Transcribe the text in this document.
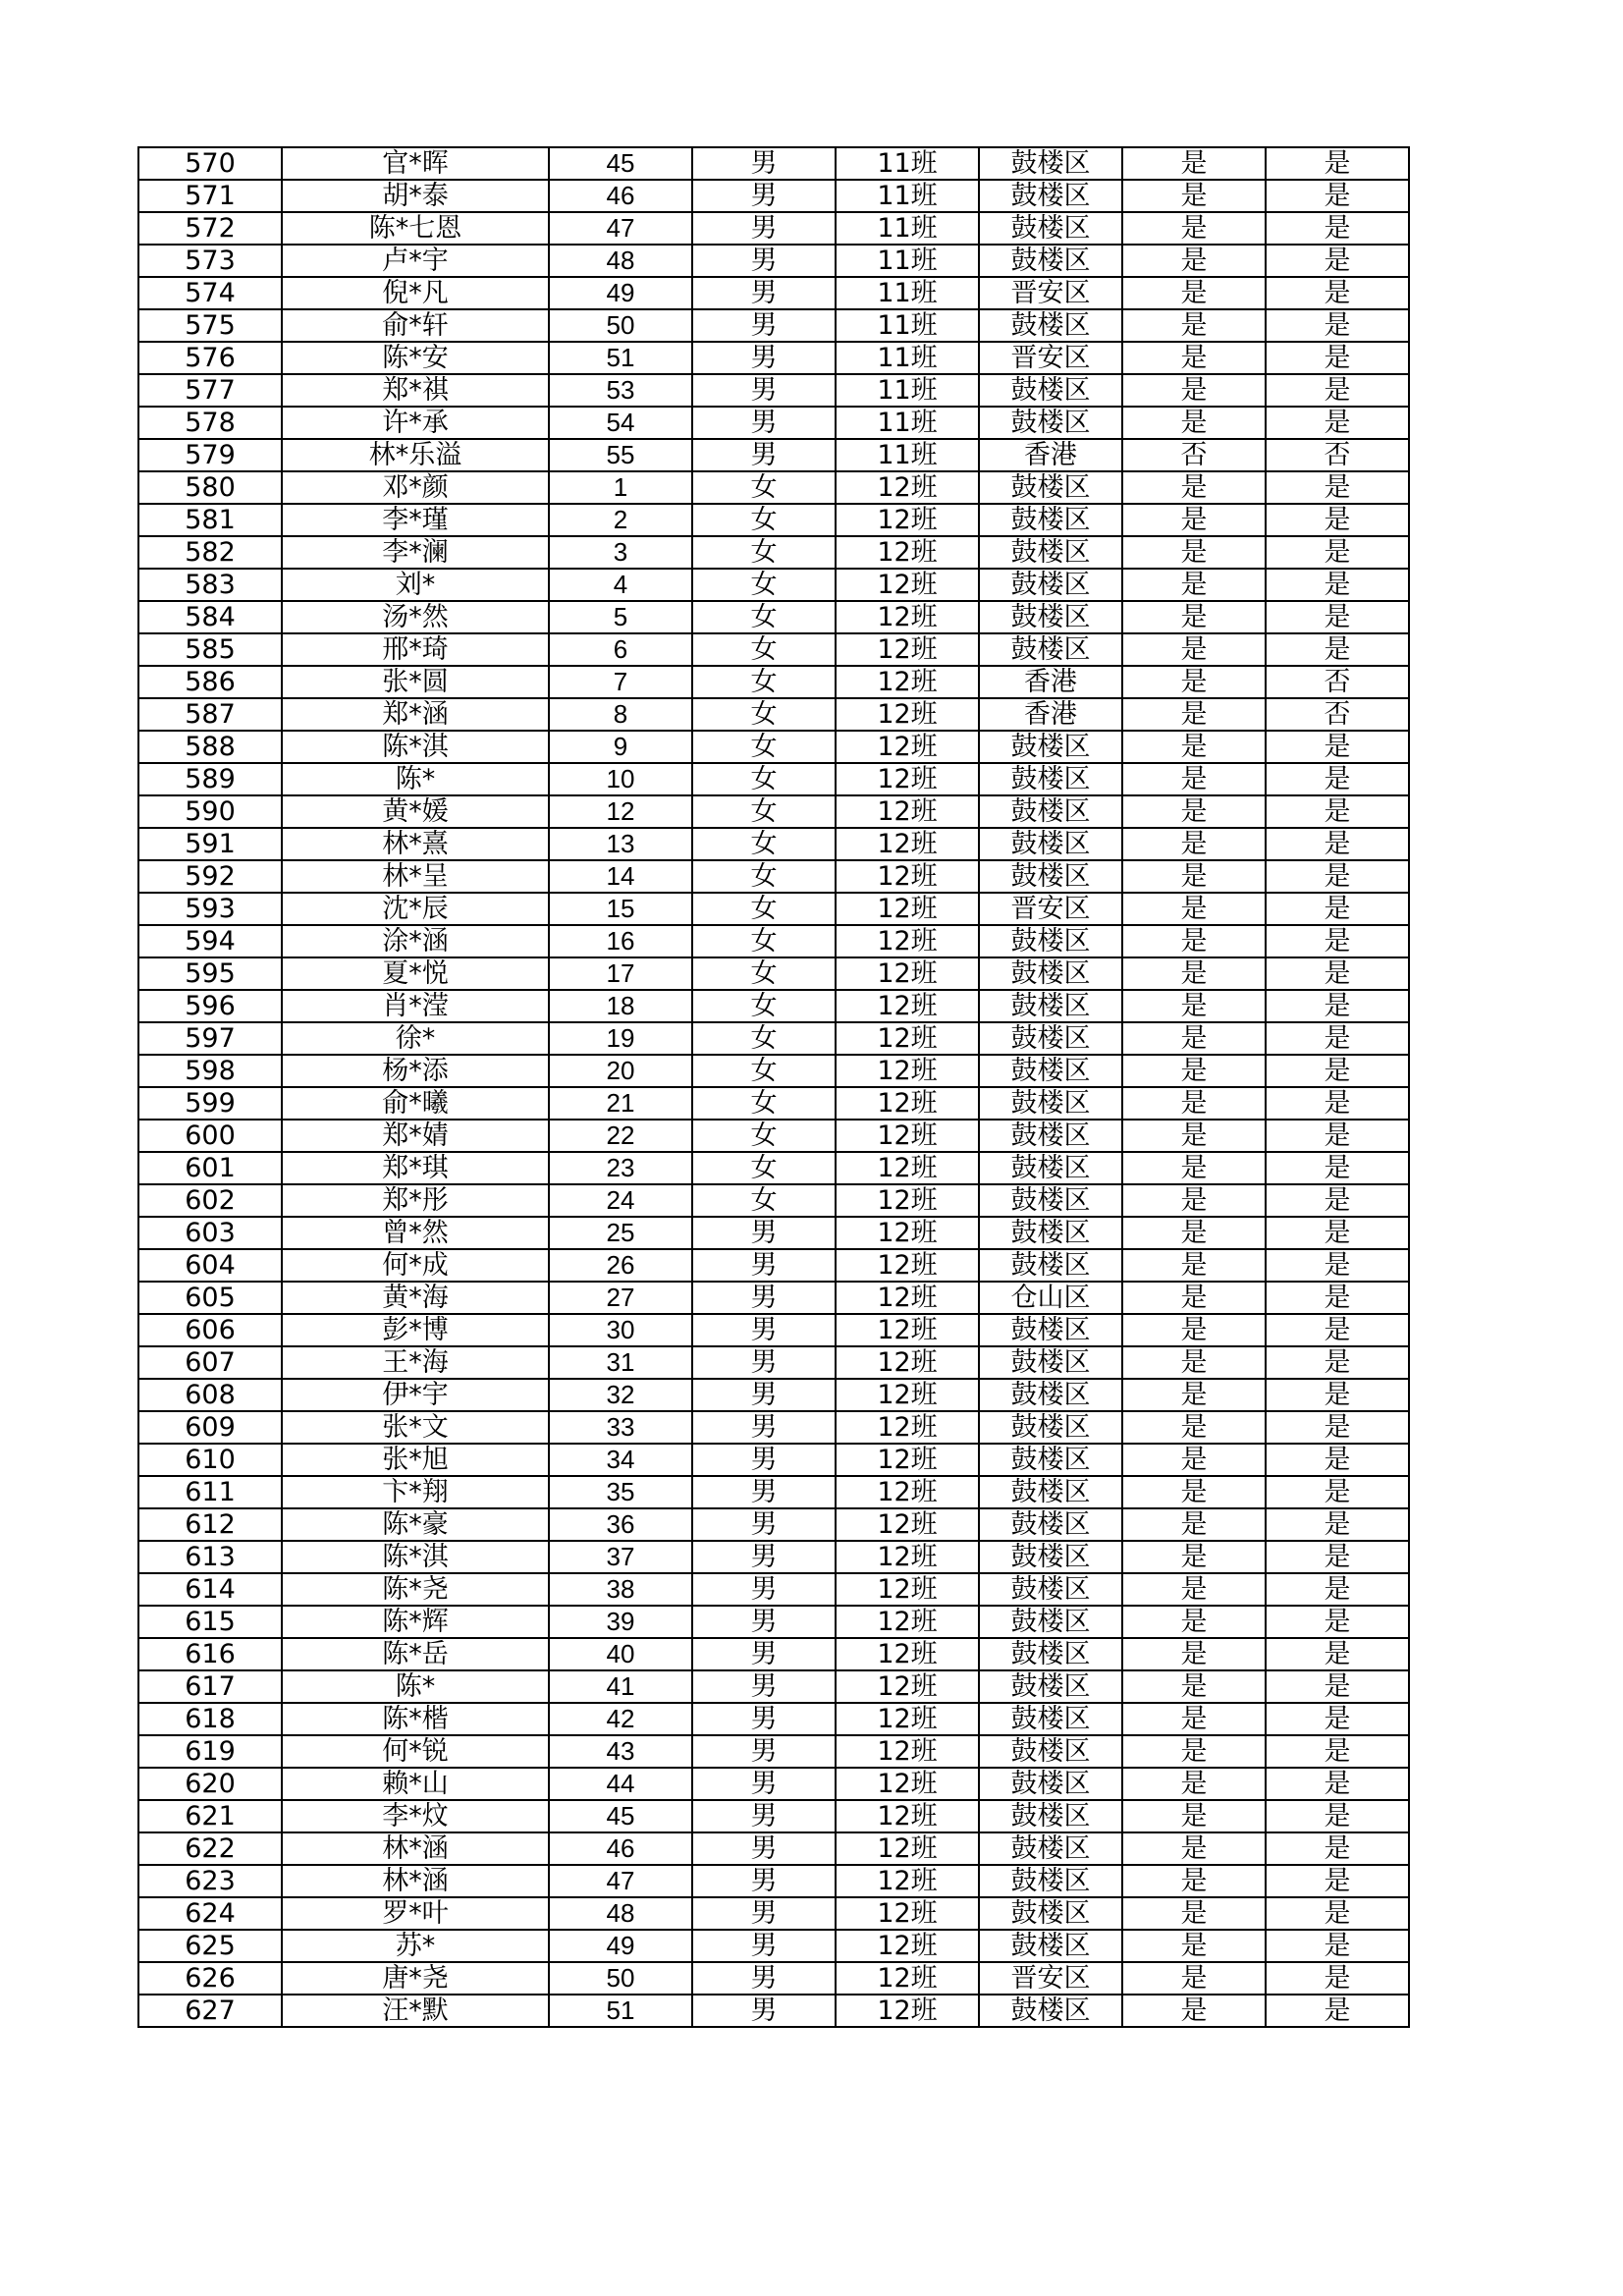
570	官*晖	45	男	11班	鼓楼区	是	是
571	胡*泰	46	男	11班	鼓楼区	是	是
572	陈*七恩	47	男	11班	鼓楼区	是	是
573	卢*宇	48	男	11班	鼓楼区	是	是
574	倪*凡	49	男	11班	晋安区	是	是
575	俞*轩	50	男	11班	鼓楼区	是	是
576	陈*安	51	男	11班	晋安区	是	是
577	郑*祺	53	男	11班	鼓楼区	是	是
578	许*承	54	男	11班	鼓楼区	是	是
579	林*乐溢	55	男	11班	香港	否	否
580	邓*颜	1	女	12班	鼓楼区	是	是
581	李*瑾	2	女	12班	鼓楼区	是	是
582	李*澜	3	女	12班	鼓楼区	是	是
583	刘*	4	女	12班	鼓楼区	是	是
584	汤*然	5	女	12班	鼓楼区	是	是
585	邢*琦	6	女	12班	鼓楼区	是	是
586	张*圆	7	女	12班	香港	是	否
587	郑*涵	8	女	12班	香港	是	否
588	陈*淇	9	女	12班	鼓楼区	是	是
589	陈*	10	女	12班	鼓楼区	是	是
590	黄*媛	12	女	12班	鼓楼区	是	是
591	林*熹	13	女	12班	鼓楼区	是	是
592	林*呈	14	女	12班	鼓楼区	是	是
593	沈*辰	15	女	12班	晋安区	是	是
594	涂*涵	16	女	12班	鼓楼区	是	是
595	夏*悦	17	女	12班	鼓楼区	是	是
596	肖*滢	18	女	12班	鼓楼区	是	是
597	徐*	19	女	12班	鼓楼区	是	是
598	杨*添	20	女	12班	鼓楼区	是	是
599	俞*曦	21	女	12班	鼓楼区	是	是
600	郑*婧	22	女	12班	鼓楼区	是	是
601	郑*琪	23	女	12班	鼓楼区	是	是
602	郑*彤	24	女	12班	鼓楼区	是	是
603	曾*然	25	男	12班	鼓楼区	是	是
604	何*成	26	男	12班	鼓楼区	是	是
605	黄*海	27	男	12班	仓山区	是	是
606	彭*博	30	男	12班	鼓楼区	是	是
607	王*海	31	男	12班	鼓楼区	是	是
608	伊*宇	32	男	12班	鼓楼区	是	是
609	张*文	33	男	12班	鼓楼区	是	是
610	张*旭	34	男	12班	鼓楼区	是	是
611	卞*翔	35	男	12班	鼓楼区	是	是
612	陈*豪	36	男	12班	鼓楼区	是	是
613	陈*淇	37	男	12班	鼓楼区	是	是
614	陈*尧	38	男	12班	鼓楼区	是	是
615	陈*辉	39	男	12班	鼓楼区	是	是
616	陈*岳	40	男	12班	鼓楼区	是	是
617	陈*	41	男	12班	鼓楼区	是	是
618	陈*楷	42	男	12班	鼓楼区	是	是
619	何*锐	43	男	12班	鼓楼区	是	是
620	赖*山	44	男	12班	鼓楼区	是	是
621	李*炆	45	男	12班	鼓楼区	是	是
622	林*涵	46	男	12班	鼓楼区	是	是
623	林*涵	47	男	12班	鼓楼区	是	是
624	罗*叶	48	男	12班	鼓楼区	是	是
625	苏*	49	男	12班	鼓楼区	是	是
626	唐*尧	50	男	12班	晋安区	是	是
627	汪*默	51	男	12班	鼓楼区	是	是
